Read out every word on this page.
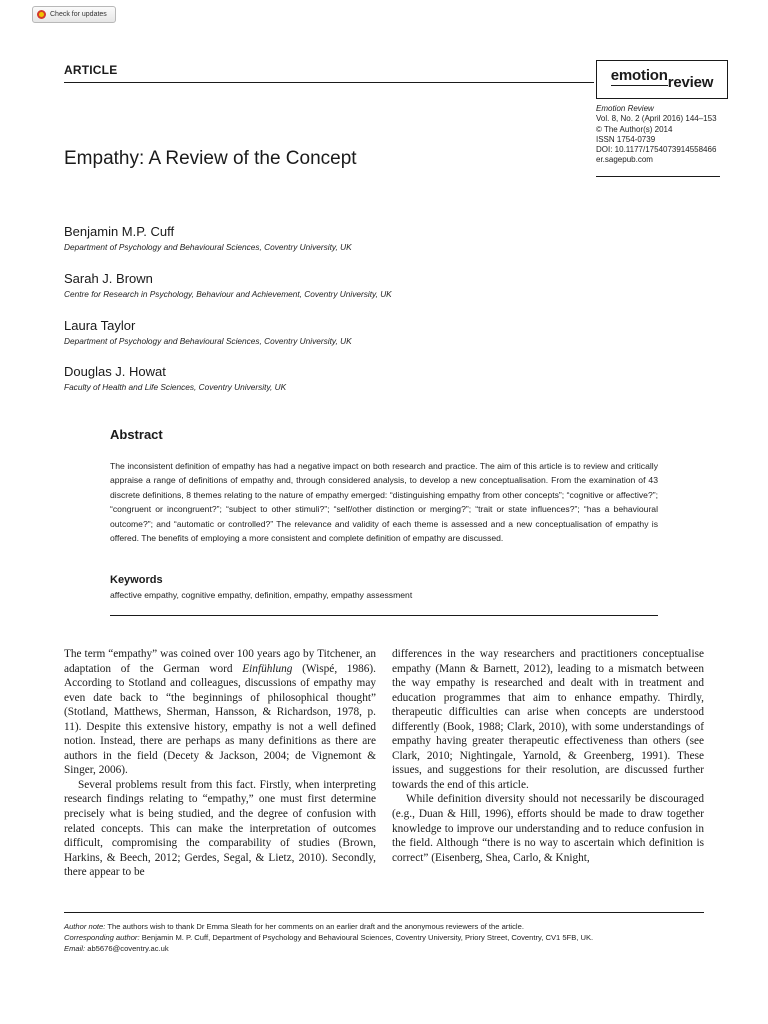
Check for updates
ARTICLE	emotionreview
Emotion Review
Vol. 8, No. 2 (April 2016) 144–153
© The Author(s) 2014
ISSN 1754-0739
DOI: 10.1177/1754073914558466
er.sagepub.com
Empathy: A Review of the Concept
Benjamin M.P. Cuff
Department of Psychology and Behavioural Sciences, Coventry University, UK
Sarah J. Brown
Centre for Research in Psychology, Behaviour and Achievement, Coventry University, UK
Laura Taylor
Department of Psychology and Behavioural Sciences, Coventry University, UK
Douglas J. Howat
Faculty of Health and Life Sciences, Coventry University, UK
Abstract
The inconsistent definition of empathy has had a negative impact on both research and practice. The aim of this article is to review and critically appraise a range of definitions of empathy and, through considered analysis, to develop a new conceptualisation. From the examination of 43 discrete definitions, 8 themes relating to the nature of empathy emerged: “distinguishing empathy from other concepts”; “cognitive or affective?”; “congruent or incongruent?”; “subject to other stimuli?”; “self/other distinction or merging?”; “trait or state influences?”; “has a behavioural outcome?”; and “automatic or controlled?” The relevance and validity of each theme is assessed and a new conceptualisation of empathy is offered. The benefits of employing a more consistent and complete definition of empathy are discussed.
Keywords
affective empathy, cognitive empathy, definition, empathy, empathy assessment

The term “empathy” was coined over 100 years ago by Titchener, an adaptation of the German word Einfühlung (Wispé, 1986). According to Stotland and colleagues, discussions of empathy may even date back to “the beginnings of philosophical thought” (Stotland, Matthews, Sherman, Hansson, & Richardson, 1978, p. 11). Despite this extensive history, empathy is not a well defined notion. Instead, there are perhaps as many definitions as there are authors in the field (Decety & Jackson, 2004; de Vignemont & Singer, 2006).

Several problems result from this fact. Firstly, when interpreting research findings relating to “empathy,” one must first determine precisely what is being studied, and the degree of confusion with related concepts. This can make the interpretation of outcomes difficult, compromising the comparability of studies (Brown, Harkins, & Beech, 2012; Gerdes, Segal, & Lietz, 2010). Secondly, there appear to be

differences in the way researchers and practitioners conceptualise empathy (Mann & Barnett, 2012), leading to a mismatch between the way empathy is researched and dealt with in treatment and education programmes that aim to enhance empathy. Thirdly, therapeutic difficulties can arise when concepts are understood differently (Book, 1988; Clark, 2010), with some understandings of empathy having greater therapeutic effectiveness than others (see Clark, 2010; Nightingale, Yarnold, & Greenberg, 1991). These issues, and suggestions for their resolution, are discussed further towards the end of this article.

While definition diversity should not necessarily be discouraged (e.g., Duan & Hill, 1996), efforts should be made to draw together knowledge to improve our understanding and to reduce confusion in the field. Although “there is no way to ascertain which definition is correct” (Eisenberg, Shea, Carlo, & Knight,

Author note: The authors wish to thank Dr Emma Sleath for her comments on an earlier draft and the anonymous reviewers of the article.
Corresponding author: Benjamin M. P. Cuff, Department of Psychology and Behavioural Sciences, Coventry University, Priory Street, Coventry, CV1 5FB, UK.
Email: ab5676@coventry.ac.uk
